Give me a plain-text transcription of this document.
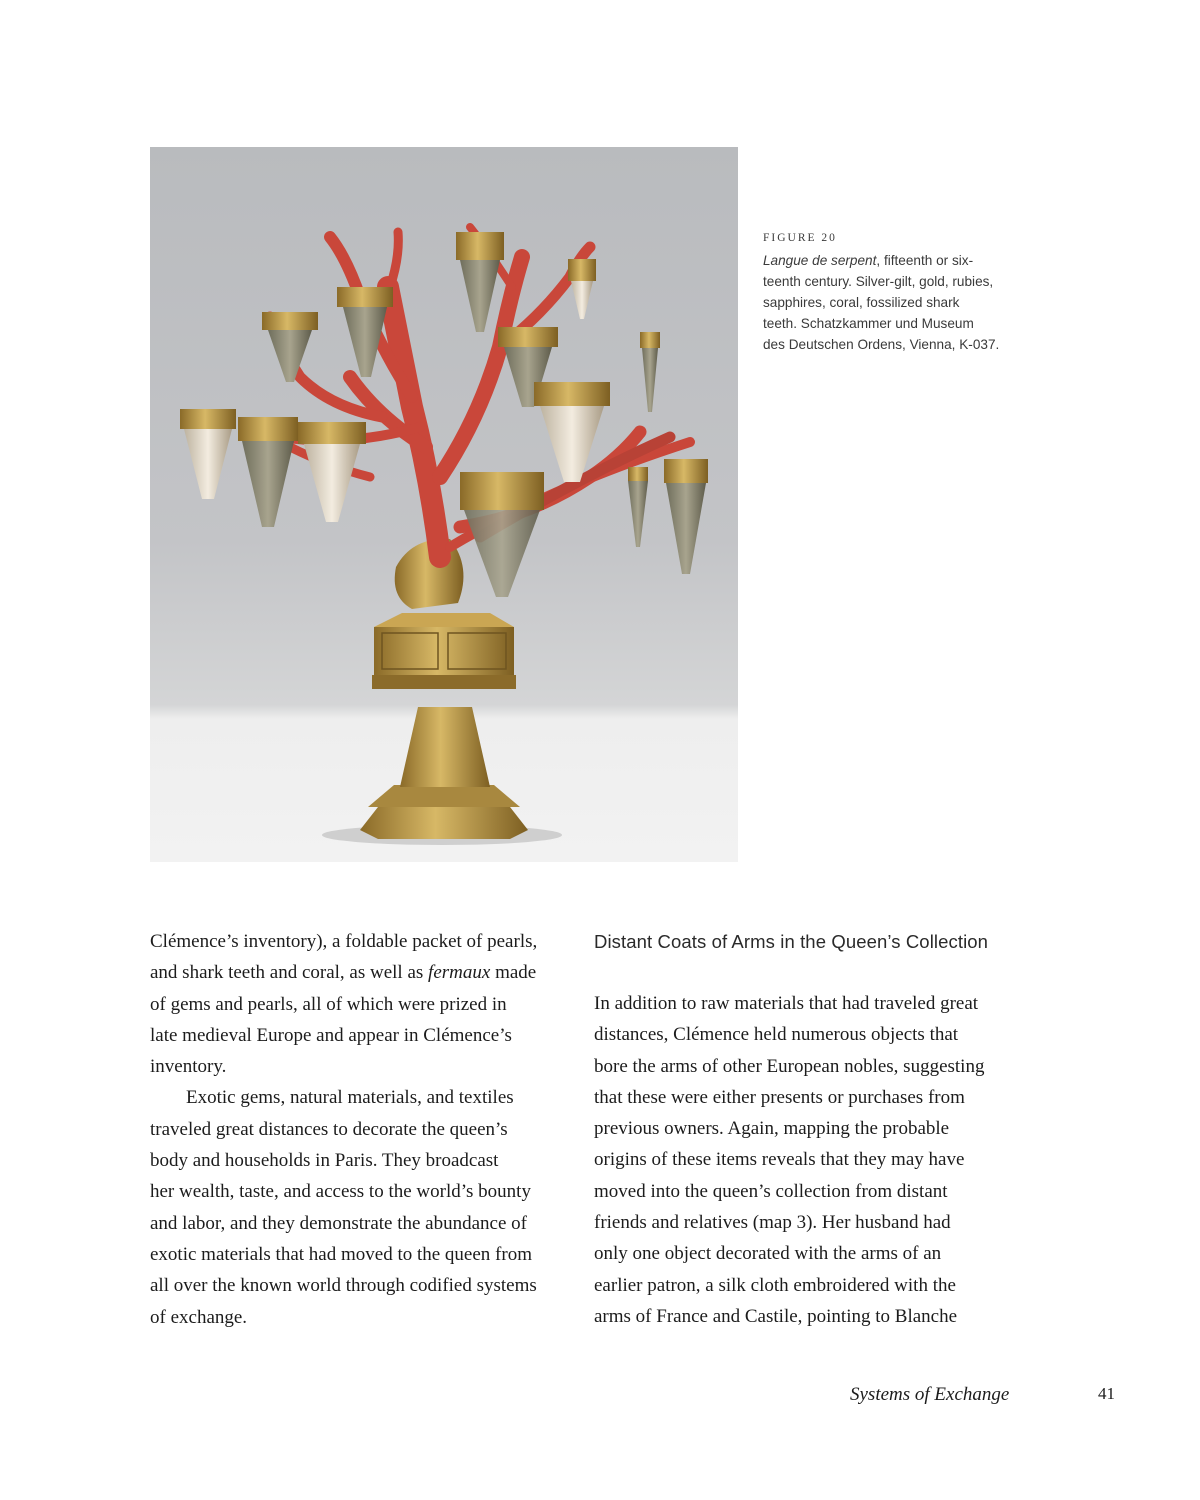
FIGURE 20
Langue de serpent, fifteenth or six-
teenth century. Silver-gilt, gold, rubies,
sapphires, coral, fossilized shark
teeth. Schatzkammer und Museum
des Deutschen Ordens, Vienna, K-037.
Clémence’s inventory), a foldable packet of pearls,
and shark teeth and coral, as well as fermaux made
of gems and pearls, all of which were prized in
late medieval Europe and appear in Clémence’s
inventory.
Exotic gems, natural materials, and textiles
traveled great distances to decorate the queen’s
body and households in Paris. They broadcast
her wealth, taste, and access to the world’s bounty
and labor, and they demonstrate the abundance of
exotic materials that had moved to the queen from
all over the known world through codified systems
of exchange.
Distant Coats of Arms in the Queen’s Collection
In addition to raw materials that had traveled great
distances, Clémence held numerous objects that
bore the arms of other European nobles, suggesting
that these were either presents or purchases from
previous owners. Again, mapping the probable
origins of these items reveals that they may have
moved into the queen’s collection from distant
friends and relatives (map 3). Her husband had
only one object decorated with the arms of an
earlier patron, a silk cloth embroidered with the
arms of France and Castile, pointing to Blanche
Systems of Exchange	41
